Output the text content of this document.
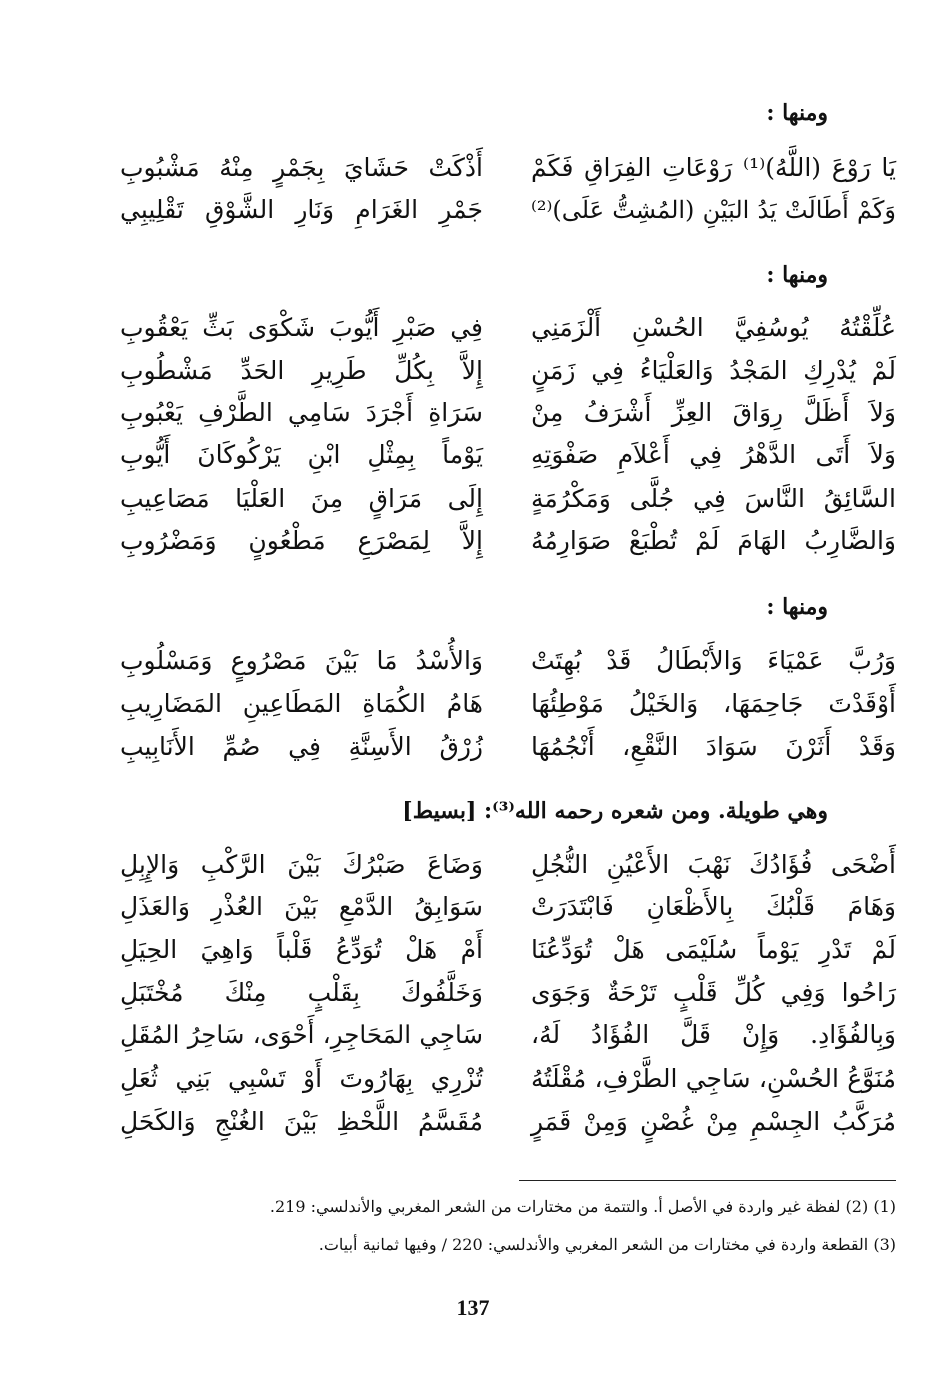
ومنها :
ومنها :
ومنها :
وهي طويلة. ومن شعره رحمه الله⁽³⁾: [بسيط]
يَا رَوْعَ (اللَّهُ)⁽¹⁾ رَوْعَاتِ الفِرَاقِ فَكَمْ
أَذْكَتْ حَشَايَ بِجَمْرٍ مِنْهُ مَشْبُوبِ
وَكَمْ أَطَالَتْ يَدُ البَيْنِ (المُشِتُّ عَلَى)⁽²⁾
جَمْرِ الغَرَامِ وَنَارِ الشَّوْقِ تَقْلِيبِي
عُلِّقْتُهُ يُوسُفِيَّ الحُسْنِ أَلْزَمَنِي
فِي صَبْرِ أَيُّوبَ شَكْوَى بَثِّ يَعْقُوبِ
لَمْ يُدْرِكِ المَجْدُ وَالعَلْيَاءُ فِي زَمَنٍ
إِلاَّ بِكُلِّ طَرِيرِ الحَدِّ مَشْطُوبِ
وَلاَ أَظَلَّ رِوَاقَ العِزِّ أَشْرَفُ مِنْ
سَرَاةِ أَجْرَدَ سَامِي الطَّرْفِ يَعْبُوبِ
وَلاَ أَتَى الدَّهْرُ فِي أَعْلاَمِ صَفْوَتِهِ
يَوْماً بِمِثْلِ ابْنِ يَرْكُوكَانَ أَيُّوبِ
السَّائِقُ النَّاسَ فِي جُلَّى وَمَكْرُمَةٍ
إِلَى مَرَاقٍ مِنَ العَلْيَا مَصَاعِيبِ
وَالضَّارِبُ الهَامَ لَمْ تُطْبَعْ صَوَارِمُهُ
إِلاَّ لِمَصْرَعِ مَطْعُونٍ وَمَضْرُوبِ
وَرُبَّ عَمْيَاءَ وَالأَبْطَالُ قَدْ بُهِتَتْ
وَالأُسْدُ مَا بَيْنَ مَصْرُوعٍ وَمَسْلُوبِ
أَوْقَدْتَ جَاحِمَهَا، وَالخَيْلُ مَوْطِئُهَا
هَامُ الكُمَاةِ المَطَاعِينِ المَضَارِيبِ
وَقَدْ أَثَرْنَ سَوَادَ النَّقْعِ، أَنْجُمُهَا
زُرْقُ الأَسِنَّةِ فِي صُمِّ الأَنَابِيبِ
أَضْحَى فُؤَادُكَ نَهْبَ الأَعْيُنِ النُّجُلِ
وَضَاعَ صَبْرُكَ بَيْنَ الرَّكْبِ وَالإِبِلِ
وَهَامَ قَلْبُكَ بِالأَظْعَانِ فَابْتَدَرَتْ
سَوَابِقُ الدَّمْعِ بَيْنَ العُذْرِ وَالعَذَلِ
لَمْ تَدْرِ يَوْماً سُلَيْمَى هَلْ تُوَدِّعُنَا
أَمْ هَلْ تُوَدِّعُ قَلْباً وَاهِيَ الحِيَلِ
رَاحُوا وَفِي كُلِّ قَلْبٍ تَرْحَةٌ وَجَوَى
وَخَلَّفُوكَ بِقَلْبٍ مِنْكَ مُخْتَبَلِ
وَبِالفُؤَادِ. وَإِنْ قَلَّ الفُؤَادُ لَهُ،
سَاجِي المَحَاجِرِ، أَحْوَى، سَاحِرُ المُقَلِ
مُنَوَّعُ الحُسْنِ، سَاجِي الطَّرْفِ، مُقْلَتُهُ
تُزْرِي بِهَارُوتَ أَوْ تَسْبِي بَنِي ثُعَلِ
مُرَكَّبُ الجِسْمِ مِنْ غُصْنٍ وَمِنْ قَمَرٍ
مُقَسَّمُ اللَّحْظِ بَيْنَ الغُنْجِ وَالكَحَلِ
(1) (2) لفظة غير واردة في الأصل أ. والتتمة من مختارات من الشعر المغربي والأندلسي: 219.
(3) القطعة واردة في مختارات من الشعر المغربي والأندلسي: 220 / وفيها ثمانية أبيات.
137
